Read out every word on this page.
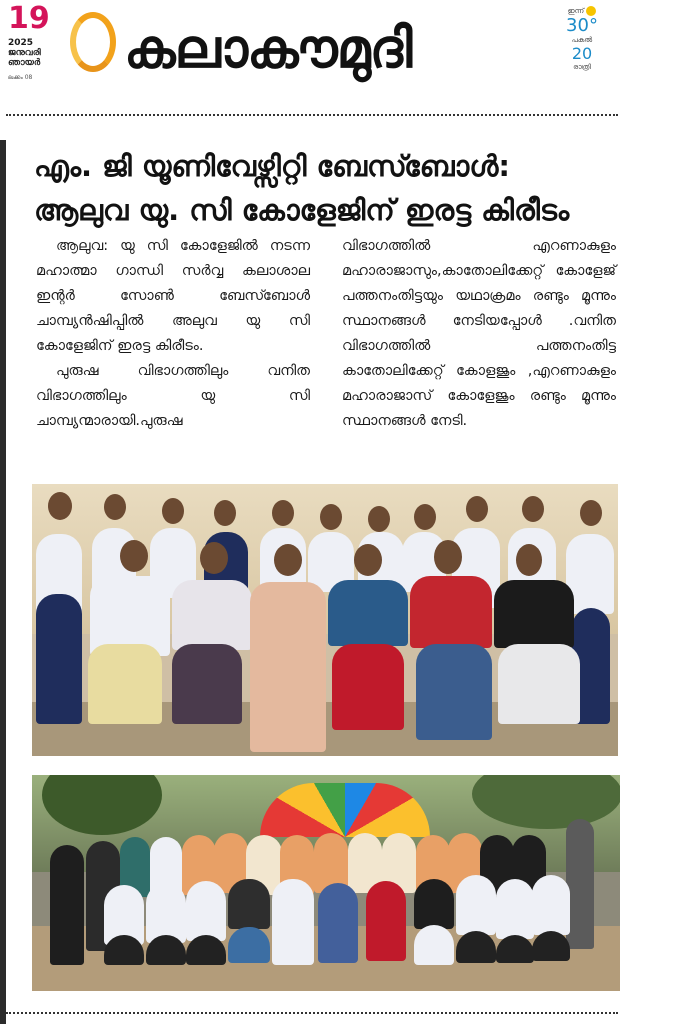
19
2025
ജനുവരി
ഞായർ
ലക്കം 08 കലാകൗമുദി
ഇന്ന്
30°
പകൽ
20
രാത്രി
എം. ജി യൂണിവേഴ്സിറ്റി ബേസ്ബോൾ:
ആലുവ യു. സി കോളേജിന് ഇരട്ട കിരീടം

ആലുവ: യു സി കോളേജിൽ നടന്ന മഹാത്മാ ഗാന്ധി സർവ്വ കലാശാല ഇന്റർ സോൺ ബേസ്ബോൾ ചാമ്പ്യൻഷിപ്പിൽ അലുവ യു സി കോളേജിന് ഇരട്ട കിരീടം.

പുരുഷ വിഭാഗത്തിലും വനിത വിഭാഗത്തിലും യു സി ചാമ്പ്യന്മാരായി.പുരുഷ

വിഭാഗത്തിൽ എറണാകുളം മഹാരാജാസും,കാതോലിക്കേറ്റ് കോളേജ് പത്തനംതിട്ടയും യഥാക്രമം രണ്ടും മൂന്നും സ്ഥാനങ്ങൾ നേടിയപ്പോൾ .വനിത വിഭാഗത്തിൽ പത്തനംതിട്ട കാതോലിക്കേറ്റ് കോളജും ,എറണാകുളം മഹാരാജാസ് കോളേജും രണ്ടും മൂന്നും സ്ഥാനങ്ങൾ നേടി.
